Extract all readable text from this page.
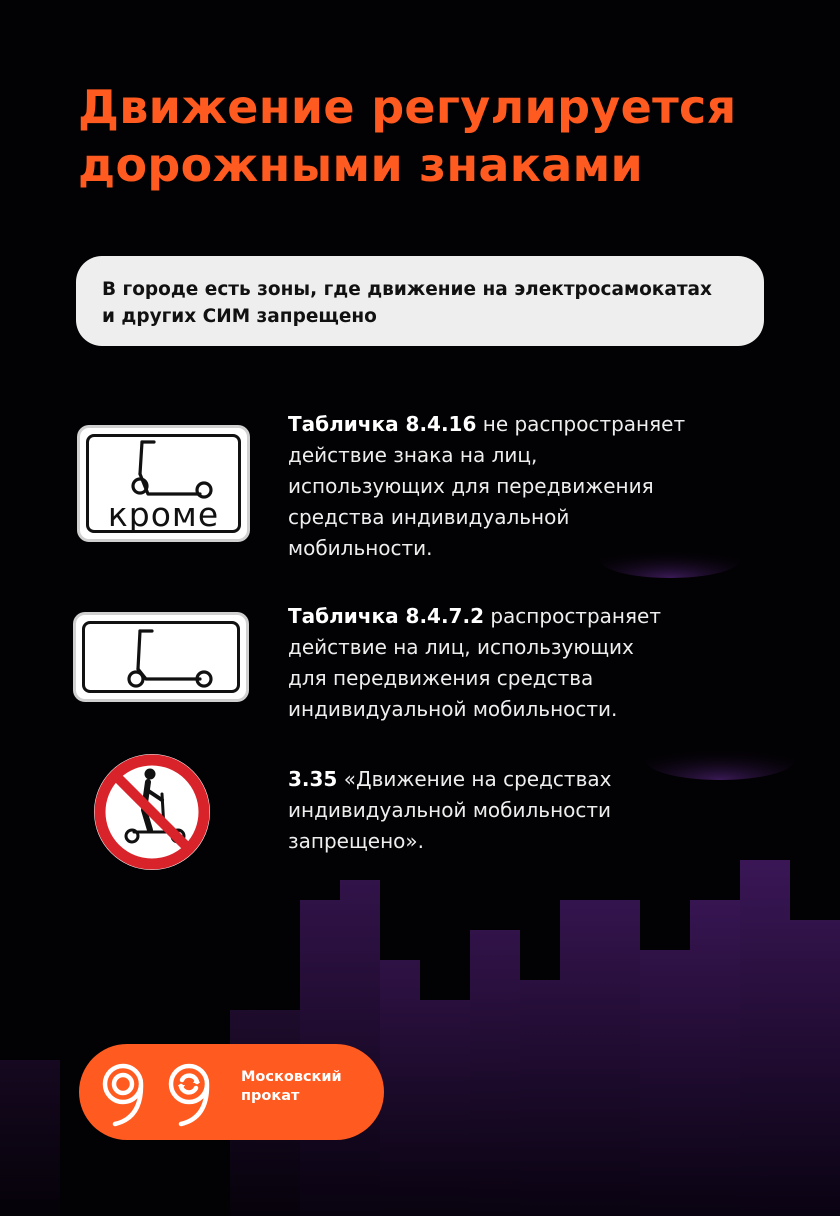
Движение регулируется
дорожными знаками
В городе есть зоны, где движение на электросамокатах
и других СИМ запрещено
кроме
Табличка 8.4.16 не распространяет
действие знака на лиц,
использующих для передвижения
средства индивидуальной
мобильности.
Табличка 8.4.7.2 распространяет
действие на лиц, использующих
для передвижения средства
индивидуальной мобильности.
3.35 «Движение на средствах
индивидуальной мобильности
запрещено».
Московский
прокат
